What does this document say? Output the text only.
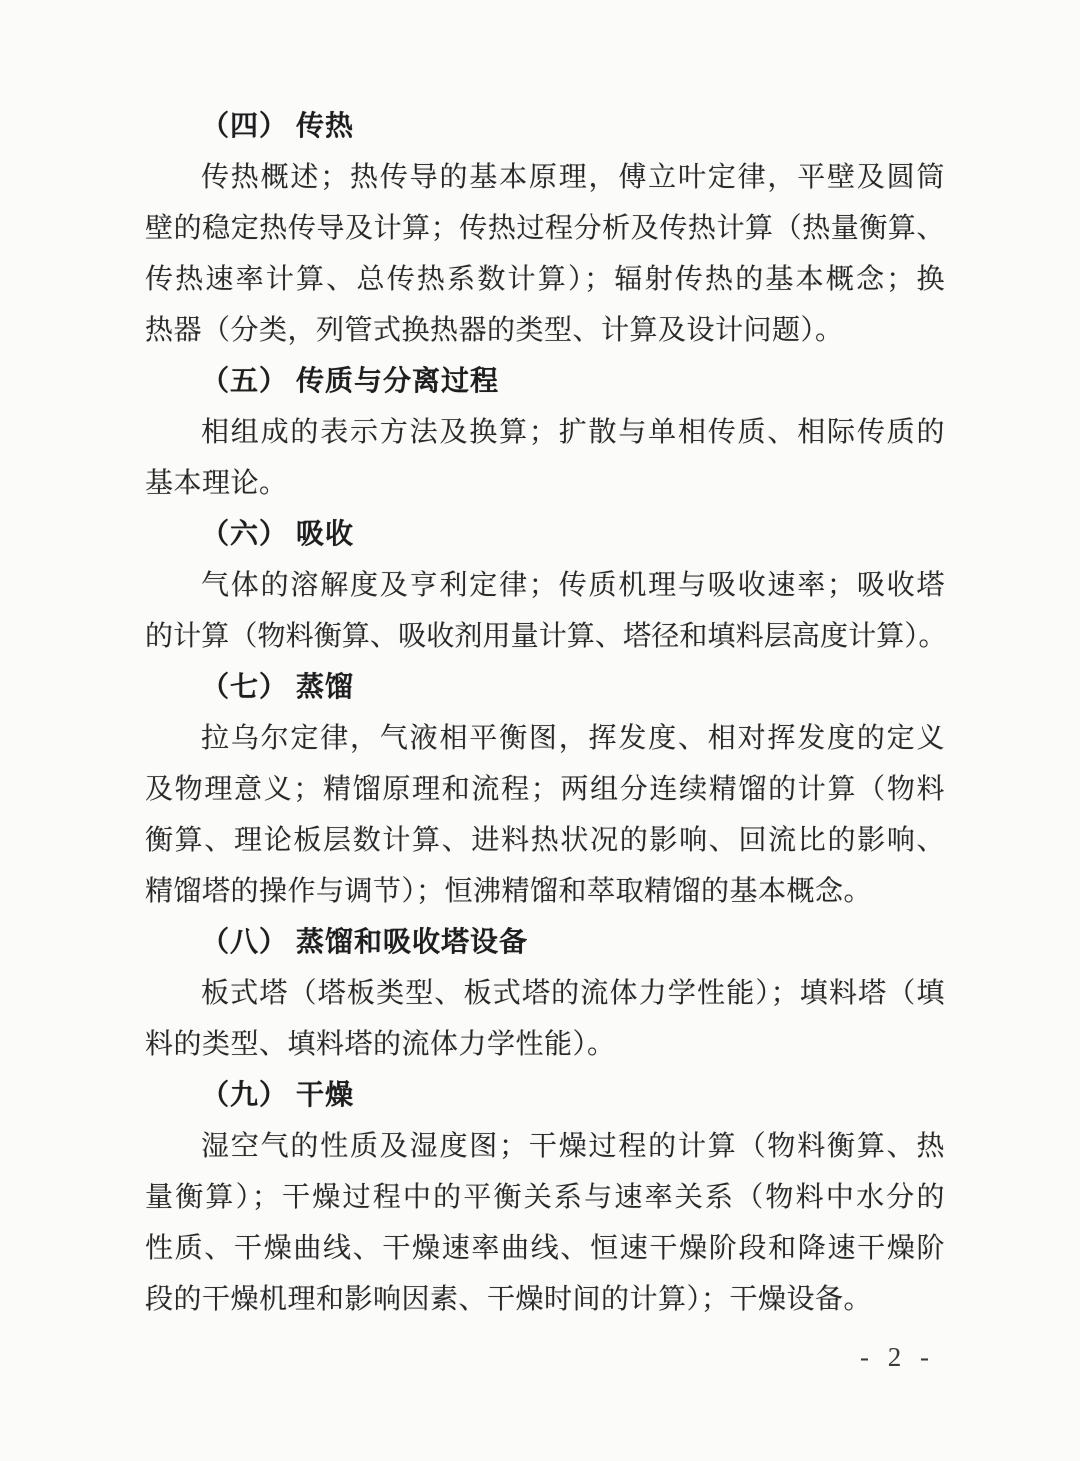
（四） 传热
传热概述；热传导的基本原理，傅立叶定律，平壁及圆筒
壁的稳定热传导及计算；传热过程分析及传热计算（热量衡算、
传热速率计算、总传热系数计算）；辐射传热的基本概念；换
热器（分类，列管式换热器的类型、计算及设计问题）。
（五） 传质与分离过程
相组成的表示方法及换算；扩散与单相传质、相际传质的
基本理论。
（六） 吸收
气体的溶解度及亨利定律；传质机理与吸收速率；吸收塔
的计算（物料衡算、吸收剂用量计算、塔径和填料层高度计算）。
（七） 蒸馏
拉乌尔定律，气液相平衡图，挥发度、相对挥发度的定义
及物理意义；精馏原理和流程；两组分连续精馏的计算（物料
衡算、理论板层数计算、进料热状况的影响、回流比的影响、
精馏塔的操作与调节）；恒沸精馏和萃取精馏的基本概念。
（八） 蒸馏和吸收塔设备
板式塔（塔板类型、板式塔的流体力学性能）；填料塔（填
料的类型、填料塔的流体力学性能）。
（九） 干燥
湿空气的性质及湿度图；干燥过程的计算（物料衡算、热
量衡算）；干燥过程中的平衡关系与速率关系（物料中水分的
性质、干燥曲线、干燥速率曲线、恒速干燥阶段和降速干燥阶
段的干燥机理和影响因素、干燥时间的计算）；干燥设备。
- 2 -
